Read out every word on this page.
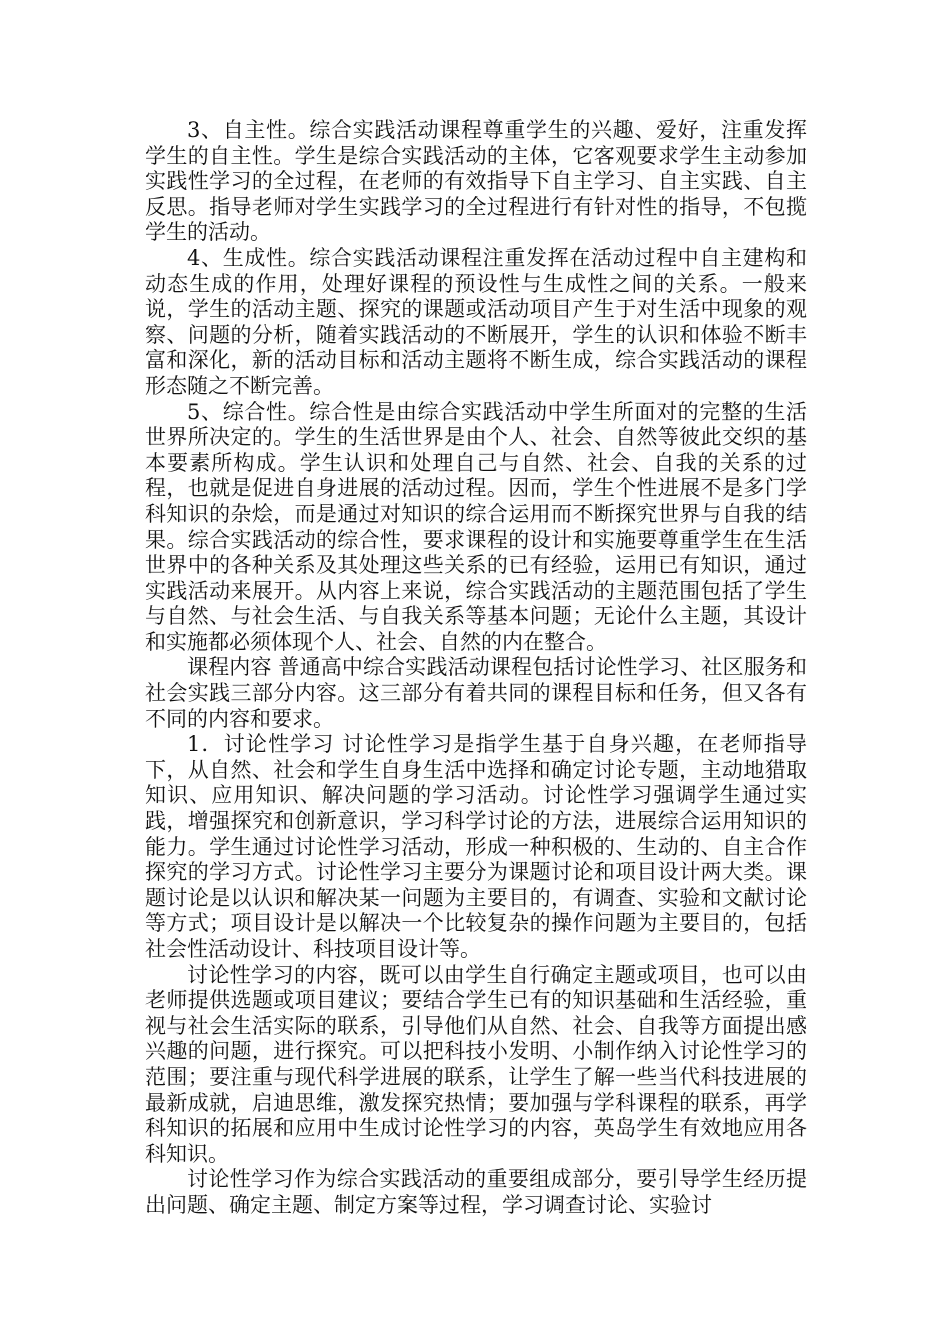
3、自主性。综合实践活动课程尊重学生的兴趣、爱好，注重发挥学生的自主性。学生是综合实践活动的主体，它客观要求学生主动参加实践性学习的全过程，在老师的有效指导下自主学习、自主实践、自主反思。指导老师对学生实践学习的全过程进行有针对性的指导，不包揽学生的活动。

4、生成性。综合实践活动课程注重发挥在活动过程中自主建构和动态生成的作用，处理好课程的预设性与生成性之间的关系。一般来说，学生的活动主题、探究的课题或活动项目产生于对生活中现象的观察、问题的分析，随着实践活动的不断展开，学生的认识和体验不断丰富和深化，新的活动目标和活动主题将不断生成，综合实践活动的课程形态随之不断完善。

5、综合性。综合性是由综合实践活动中学生所面对的完整的生活世界所决定的。学生的生活世界是由个人、社会、自然等彼此交织的基本要素所构成。学生认识和处理自己与自然、社会、自我的关系的过程，也就是促进自身进展的活动过程。因而，学生个性进展不是多门学科知识的杂烩，而是通过对知识的综合运用而不断探究世界与自我的结果。综合实践活动的综合性，要求课程的设计和实施要尊重学生在生活世界中的各种关系及其处理这些关系的已有经验，运用已有知识，通过实践活动来展开。从内容上来说，综合实践活动的主题范围包括了学生与自然、与社会生活、与自我关系等基本问题；无论什么主题，其设计和实施都必须体现个人、社会、自然的内在整合。

课程内容 普通高中综合实践活动课程包括讨论性学习、社区服务和社会实践三部分内容。这三部分有着共同的课程目标和任务，但又各有不同的内容和要求。

1．讨论性学习 讨论性学习是指学生基于自身兴趣，在老师指导下，从自然、社会和学生自身生活中选择和确定讨论专题，主动地猎取知识、应用知识、解决问题的学习活动。讨论性学习强调学生通过实践，增强探究和创新意识，学习科学讨论的方法，进展综合运用知识的能力。学生通过讨论性学习活动，形成一种积极的、生动的、自主合作探究的学习方式。讨论性学习主要分为课题讨论和项目设计两大类。课题讨论是以认识和解决某一问题为主要目的，有调查、实验和文献讨论等方式；项目设计是以解决一个比较复杂的操作问题为主要目的，包括社会性活动设计、科技项目设计等。

讨论性学习的内容，既可以由学生自行确定主题或项目，也可以由老师提供选题或项目建议；要结合学生已有的知识基础和生活经验，重视与社会生活实际的联系，引导他们从自然、社会、自我等方面提出感兴趣的问题，进行探究。可以把科技小发明、小制作纳入讨论性学习的范围；要注重与现代科学进展的联系，让学生了解一些当代科技进展的最新成就，启迪思维，激发探究热情；要加强与学科课程的联系，再学科知识的拓展和应用中生成讨论性学习的内容，英岛学生有效地应用各科知识。

讨论性学习作为综合实践活动的重要组成部分，要引导学生经历提出问题、确定主题、制定方案等过程，学习调查讨论、实验讨
